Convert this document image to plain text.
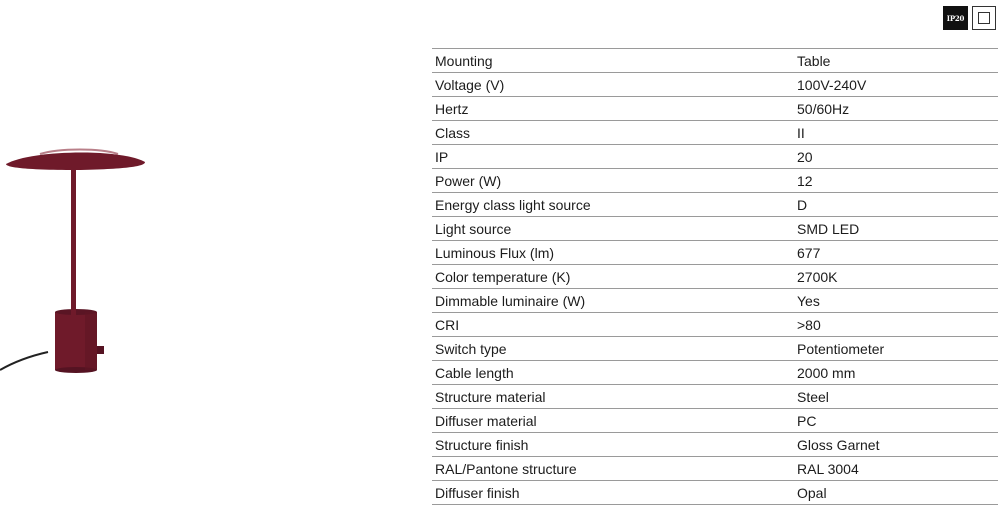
IP20
Mounting	Table
Voltage (V)	100V-240V
Hertz	50/60Hz
Class	II
IP	20
Power (W)	12
Energy class light source	D
Light source	SMD LED
Luminous Flux (lm)	677
Color temperature (K)	2700K
Dimmable luminaire (W)	Yes
CRI	>80
Switch type	Potentiometer
Cable length	2000 mm
Structure material	Steel
Diffuser material	PC
Structure finish	Gloss Garnet
RAL/Pantone structure	RAL 3004
Diffuser finish	Opal
